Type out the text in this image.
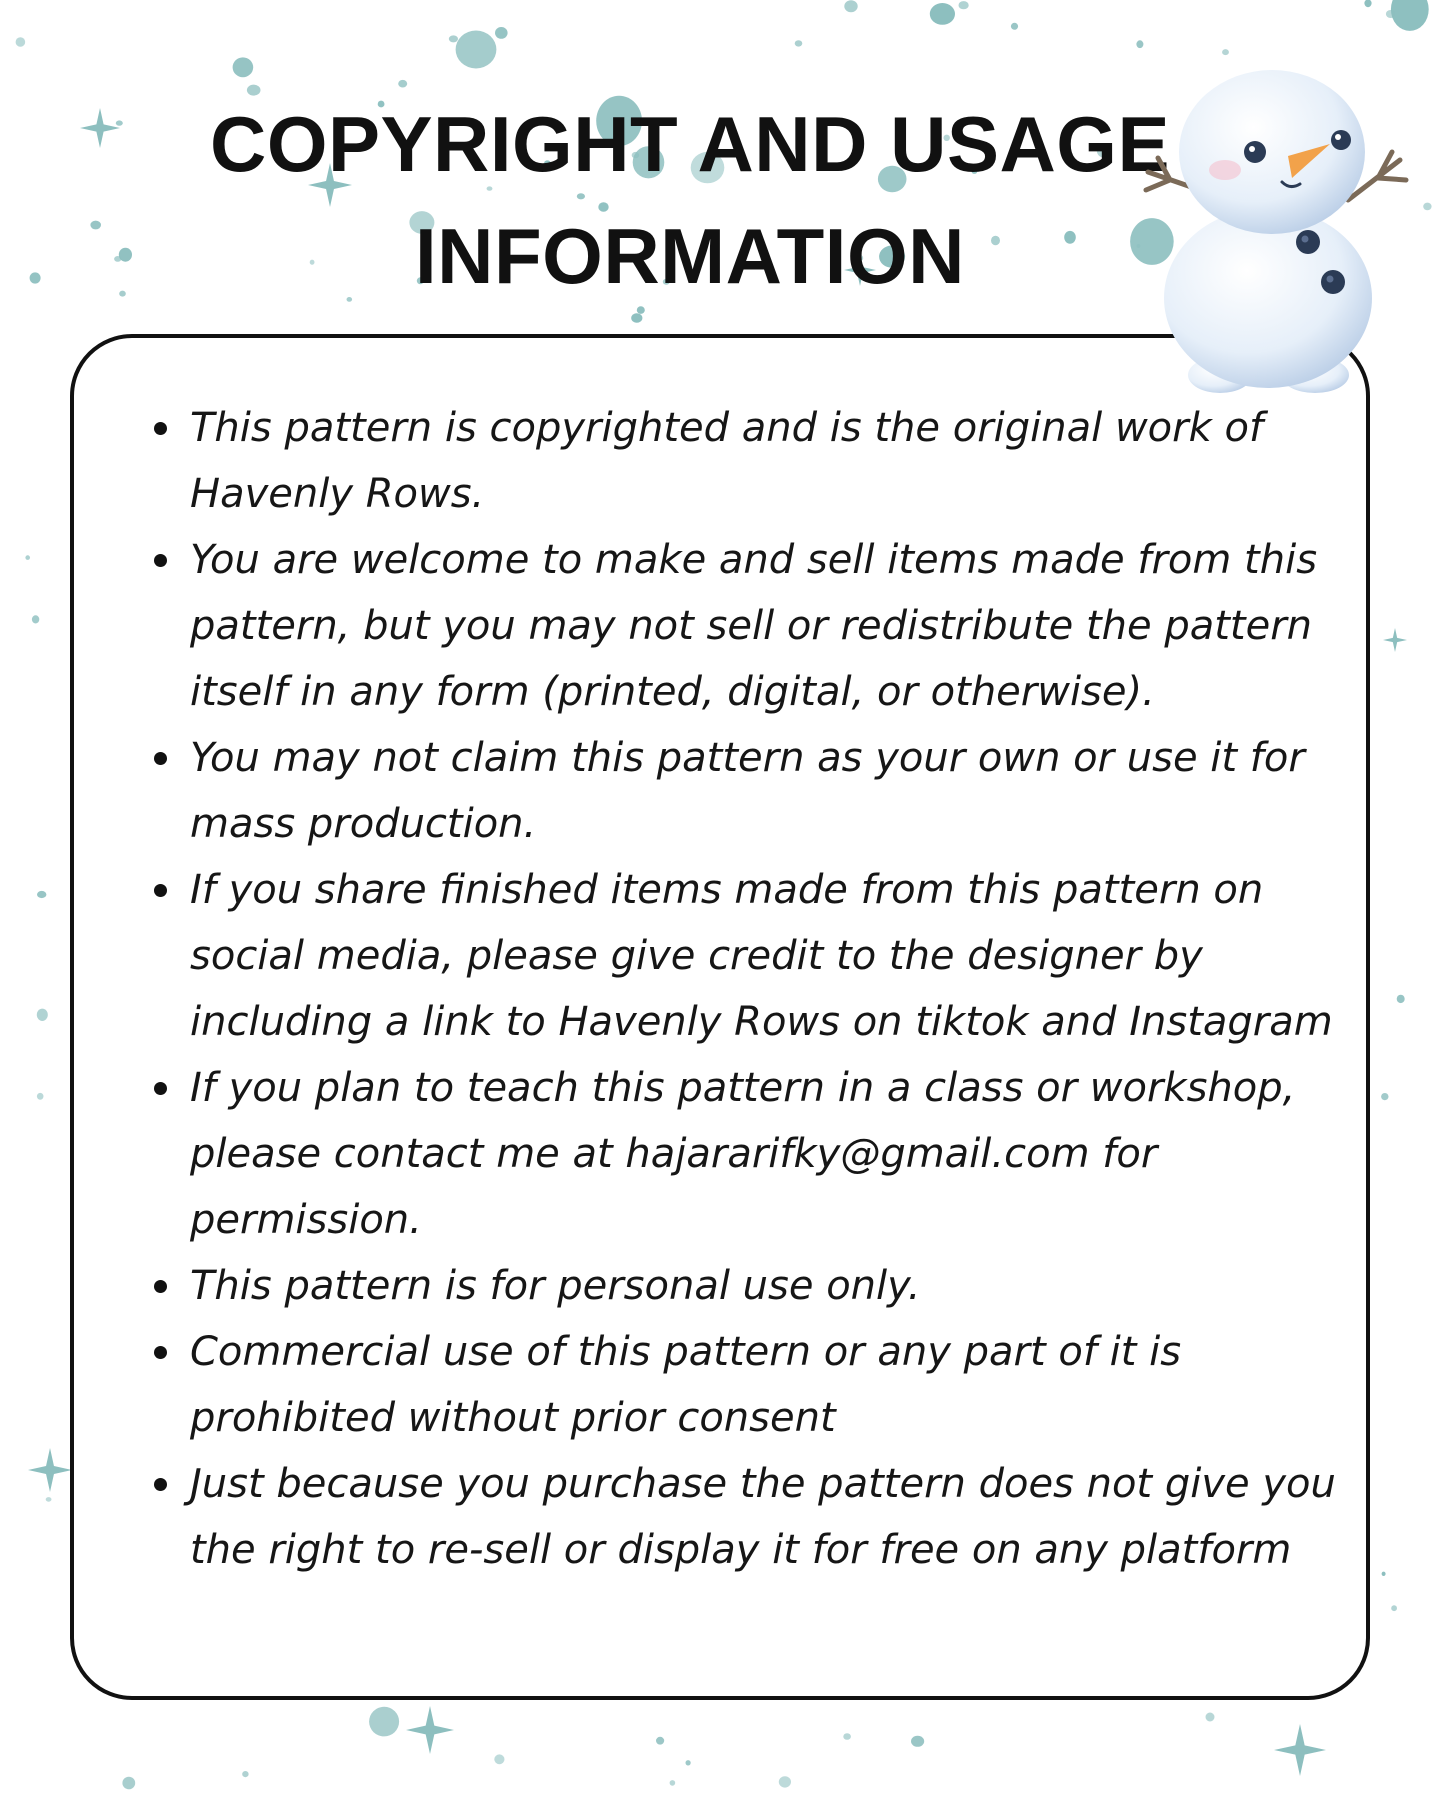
COPYRIGHT AND USAGE
INFORMATION
This pattern is copyrighted and is the original work of Havenly Rows.
You are welcome to make and sell items made from this pattern, but you may not sell or redistribute the pattern itself in any form (printed, digital, or otherwise).
You may not claim this pattern as your own or use it for mass production.
If you share finished items made from this pattern on social media, please give credit to the designer by including a link to Havenly Rows on tiktok and Instagram
If you plan to teach this pattern in a class or workshop, please contact me at hajararifky@gmail.com for permission.
This pattern is for personal use only.
Commercial use of this pattern or any part of it is prohibited without prior consent
Just because you purchase the pattern does not give you the right to re-sell or display it for free on any platform
